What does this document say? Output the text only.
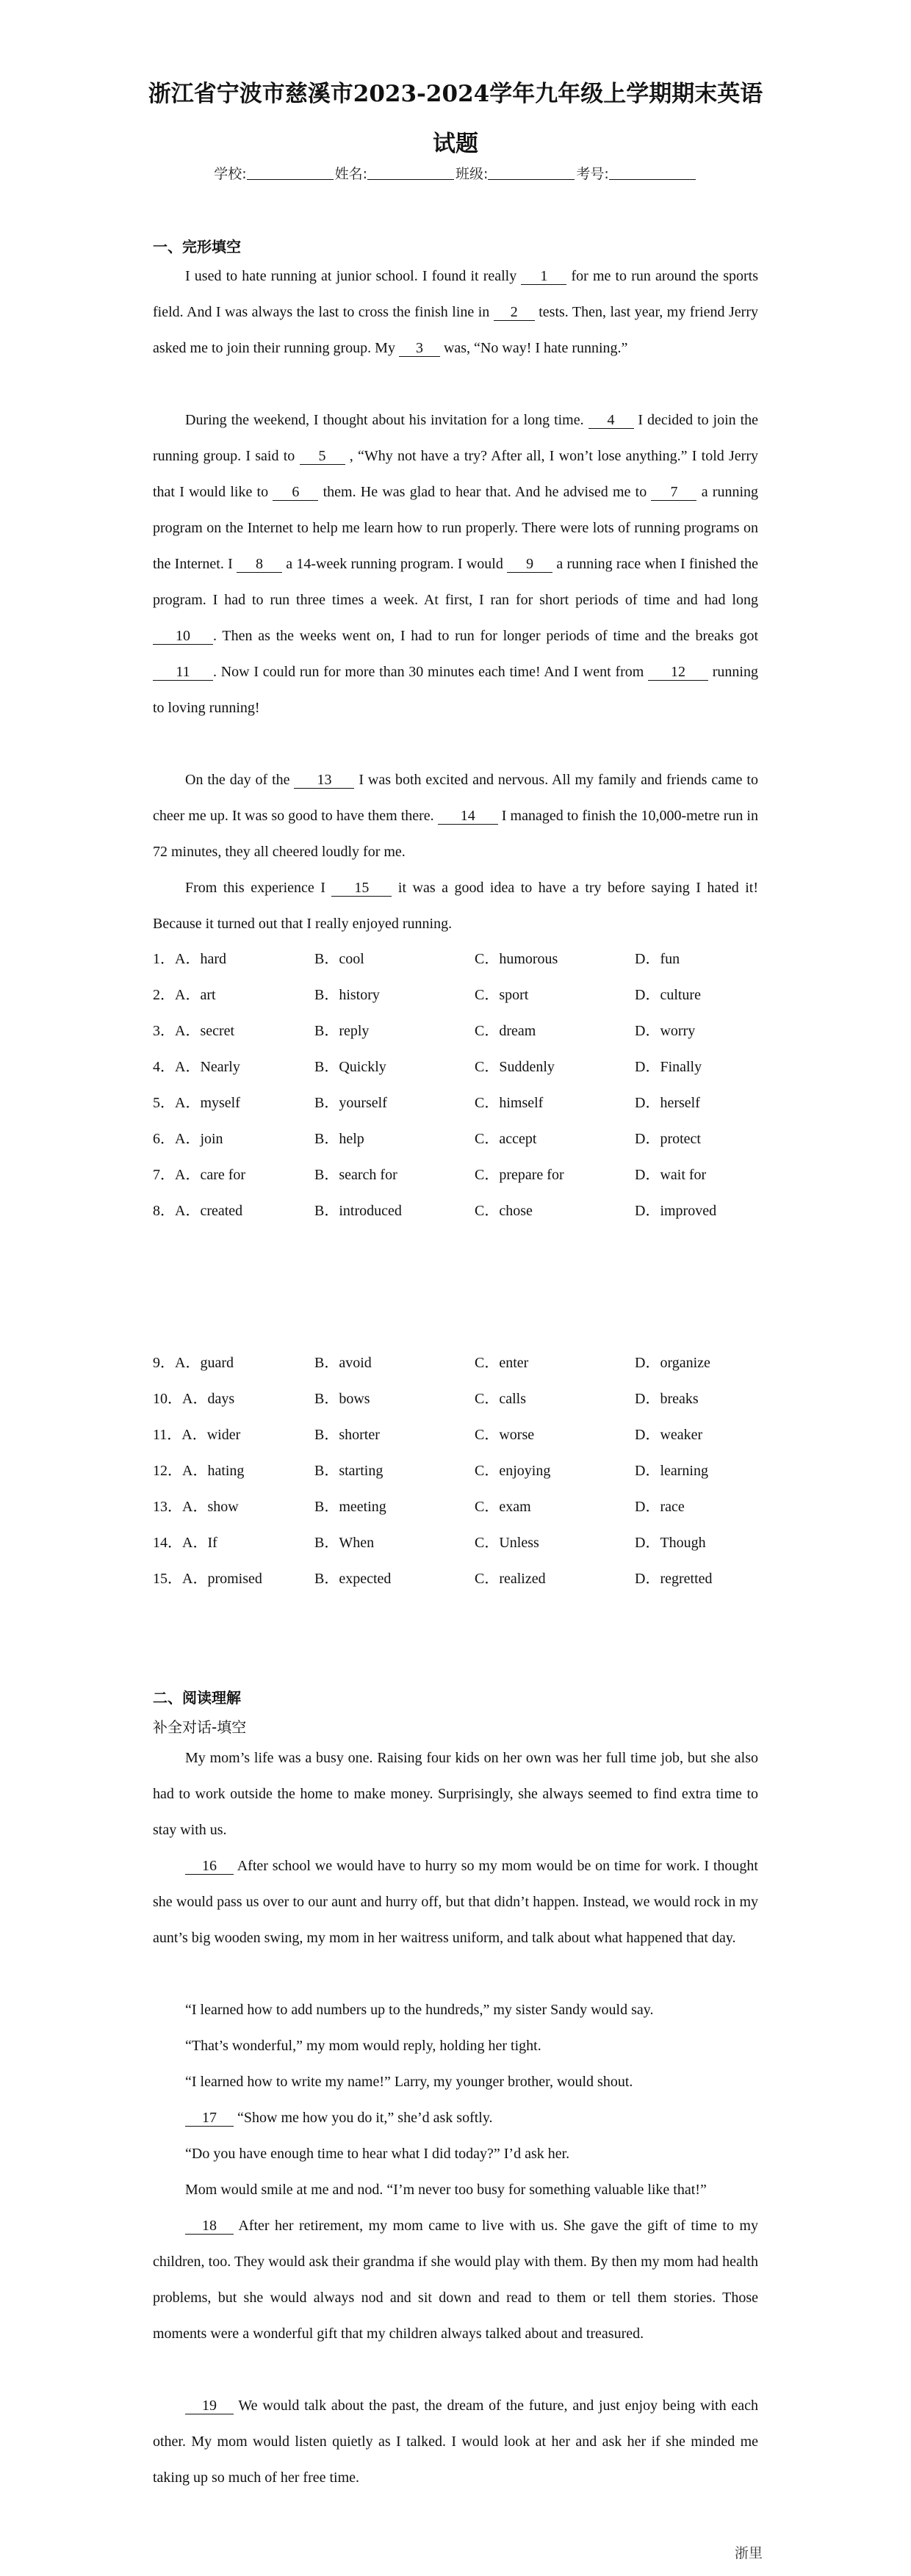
浙江省宁波市慈溪市2023-2024学年九年级上学期期末英语
试题
学校:	姓名:	班级:	考号:
一、完形填空
I used to hate running at junior school. I found it really 1 for me to run around the sports field. And I was always the last to cross the finish line in 2 tests. Then, last year, my friend Jerry asked me to join their running group. My 3 was, “No way! I hate running.”
During the weekend, I thought about his invitation for a long time. 4 I decided to join the running group. I said to 5 , “Why not have a try? After all, I won’t lose anything.” I told Jerry that I would like to 6 them. He was glad to hear that. And he advised me to 7 a running program on the Internet to help me learn how to run properly. There were lots of running programs on the Internet. I 8 a 14-week running program. I would 9 a running race when I finished the program. I had to run three times a week. At first, I ran for short periods of time and had long 10 . Then as the weeks went on, I had to run for longer periods of time and the breaks got 11 . Now I could run for more than 30 minutes each time! And I went from 12 running to loving running!
On the day of the 13 I was both excited and nervous. All my family and friends came to cheer me up. It was so good to have them there. 14 I managed to finish the 10,000-metre run in 72 minutes, they all cheered loudly for me.
From this experience I 15 it was a good idea to have a try before saying I hated it! Because it turned out that I really enjoyed running.
1．A．hard	B．cool	C．humorous	D．fun
2．A．art	B．history	C．sport	D．culture
3．A．secret	B．reply	C．dream	D．worry
4．A．Nearly	B．Quickly	C．Suddenly	D．Finally
5．A．myself	B．yourself	C．himself	D．herself
6．A．join	B．help	C．accept	D．protect
7．A．care for	B．search for	C．prepare for	D．wait for
8．A．created	B．introduced	C．chose	D．improved
9．A．guard	B．avoid	C．enter	D．organize
10．A．days	B．bows	C．calls	D．breaks
11．A．wider	B．shorter	C．worse	D．weaker
12．A．hating	B．starting	C．enjoying	D．learning
13．A．show	B．meeting	C．exam	D．race
14．A．If	B．When	C．Unless	D．Though
15．A．promised	B．expected	C．realized	D．regretted
二、阅读理解
补全对话-填空
My mom’s life was a busy one. Raising four kids on her own was her full time job, but she also had to work outside the home to make money. Surprisingly, she always seemed to find extra time to stay with us.
16 After school we would have to hurry so my mom would be on time for work. I thought she would pass us over to our aunt and hurry off, but that didn’t happen. Instead, we would rock in my aunt’s big wooden swing, my mom in her waitress uniform, and talk about what happened that day.
“I learned how to add numbers up to the hundreds,” my sister Sandy would say.
“That’s wonderful,” my mom would reply, holding her tight.
“I learned how to write my name!” Larry, my younger brother, would shout.
17 “Show me how you do it,” she’d ask softly.
“Do you have enough time to hear what I did today?” I’d ask her.
Mom would smile at me and nod. “I’m never too busy for something valuable like that!”
18 After her retirement, my mom came to live with us. She gave the gift of time to my children, too. They would ask their grandma if she would play with them. By then my mom had health problems, but she would always nod and sit down and read to them or tell them stories. Those moments were a wonderful gift that my children always talked about and treasured.
19 We would talk about the past, the dream of the future, and just enjoy being with each other. My mom would listen quietly as I talked. I would look at her and ask her if she minded me taking up so much of her free time.
浙里
